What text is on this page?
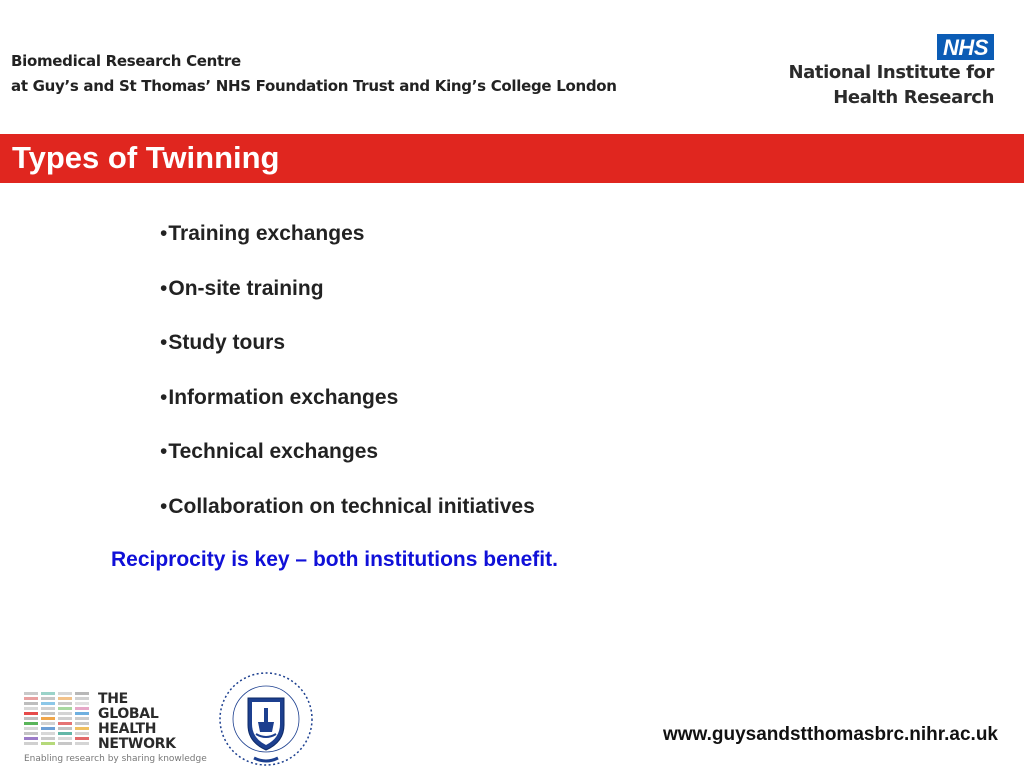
Biomedical Research Centre
at Guy’s and St Thomas’ NHS Foundation Trust and King’s College London
NHS
National Institute for
Health Research
Types of Twinning
• Training exchanges
• On-site training
• Study tours
• Information exchanges
• Technical exchanges
• Collaboration on technical initiatives
Reciprocity is key – both institutions benefit.
THE
GLOBAL
HEALTH
NETWORK
Enabling research by sharing knowledge
www.guysandstthomasbrc.nihr.ac.uk
